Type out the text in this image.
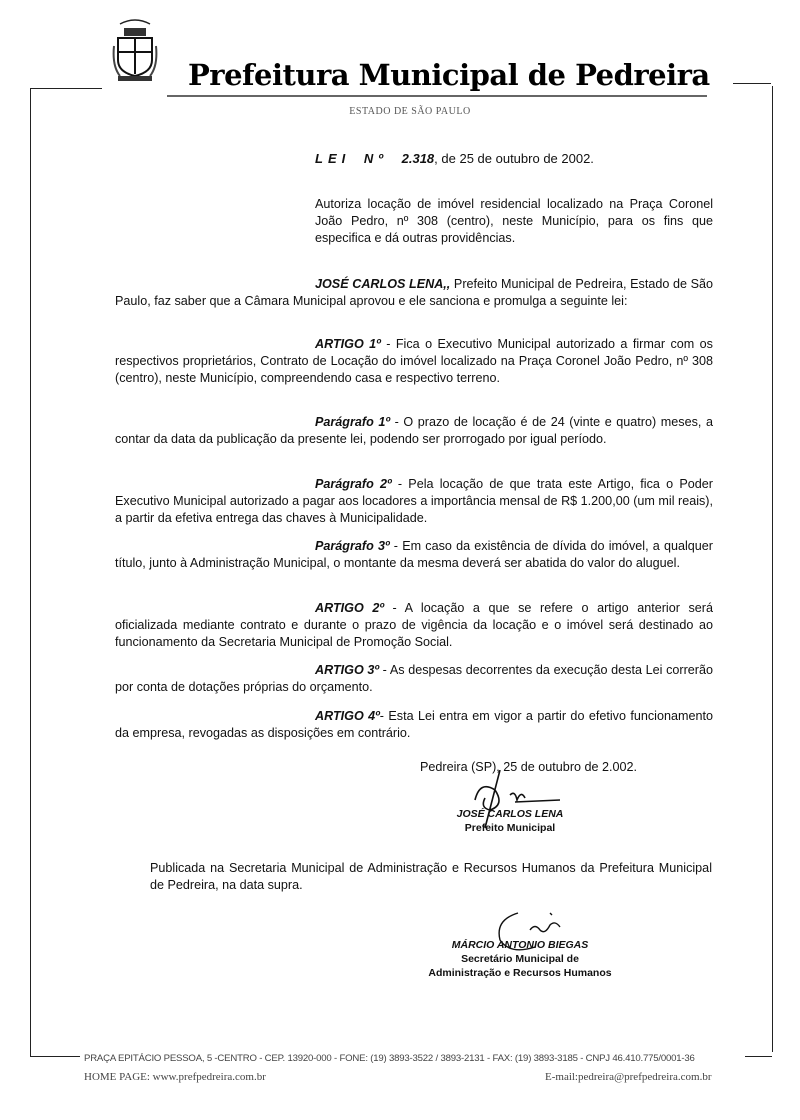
Prefeitura Municipal de Pedreira
ESTADO DE SÃO PAULO
LEI Nº 2.318, de 25 de outubro de 2002.
Autoriza locação de imóvel residencial localizado na Praça Coronel João Pedro, nº 308 (centro), neste Município, para os fins que especifica e dá outras providências.
JOSÉ CARLOS LENA,, Prefeito Municipal de Pedreira, Estado de São Paulo, faz saber que a Câmara Municipal aprovou e ele sanciona e promulga a seguinte lei:
ARTIGO 1º - Fica o Executivo Municipal autorizado a firmar com os respectivos proprietários, Contrato de Locação do imóvel localizado na Praça Coronel João Pedro, nº 308 (centro), neste Município, compreendendo casa e respectivo terreno.
Parágrafo 1º - O prazo de locação é de 24 (vinte e quatro) meses, a contar da data da publicação da presente lei, podendo ser prorrogado por igual período.
Parágrafo 2º - Pela locação de que trata este Artigo, fica o Poder Executivo Municipal autorizado a pagar aos locadores a importância mensal de R$ 1.200,00 (um mil reais), a partir da efetiva entrega das chaves à Municipalidade.
Parágrafo 3º - Em caso da existência de dívida do imóvel, a qualquer título, junto à Administração Municipal, o montante da mesma deverá ser abatida do valor do aluguel.
ARTIGO 2º - A locação a que se refere o artigo anterior será oficializada mediante contrato e durante o prazo de vigência da locação e o imóvel será destinado ao funcionamento da Secretaria Municipal de Promoção Social.
ARTIGO 3º - As despesas decorrentes da execução desta Lei correrão por conta de dotações próprias do orçamento.
ARTIGO 4º- Esta Lei entra em vigor a partir do efetivo funcionamento da empresa, revogadas as disposições em contrário.
Pedreira (SP), 25 de outubro de 2.002.
JOSÉ CARLOS LENA
Prefeito Municipal
Publicada na Secretaria Municipal de Administração e Recursos Humanos da Prefeitura Municipal de Pedreira, na data supra.
MÁRCIO ANTONIO BIEGAS
Secretário Municipal de
Administração e Recursos Humanos
PRAÇA EPITÁCIO PESSOA, 5 -CENTRO - CEP. 13920-000 - FONE: (19) 3893-3522 / 3893-2131 - FAX: (19) 3893-3185 - CNPJ 46.410.775/0001-36
HOME PAGE: www.prefpedreira.com.br	E-mail:pedreira@prefpedreira.com.br
